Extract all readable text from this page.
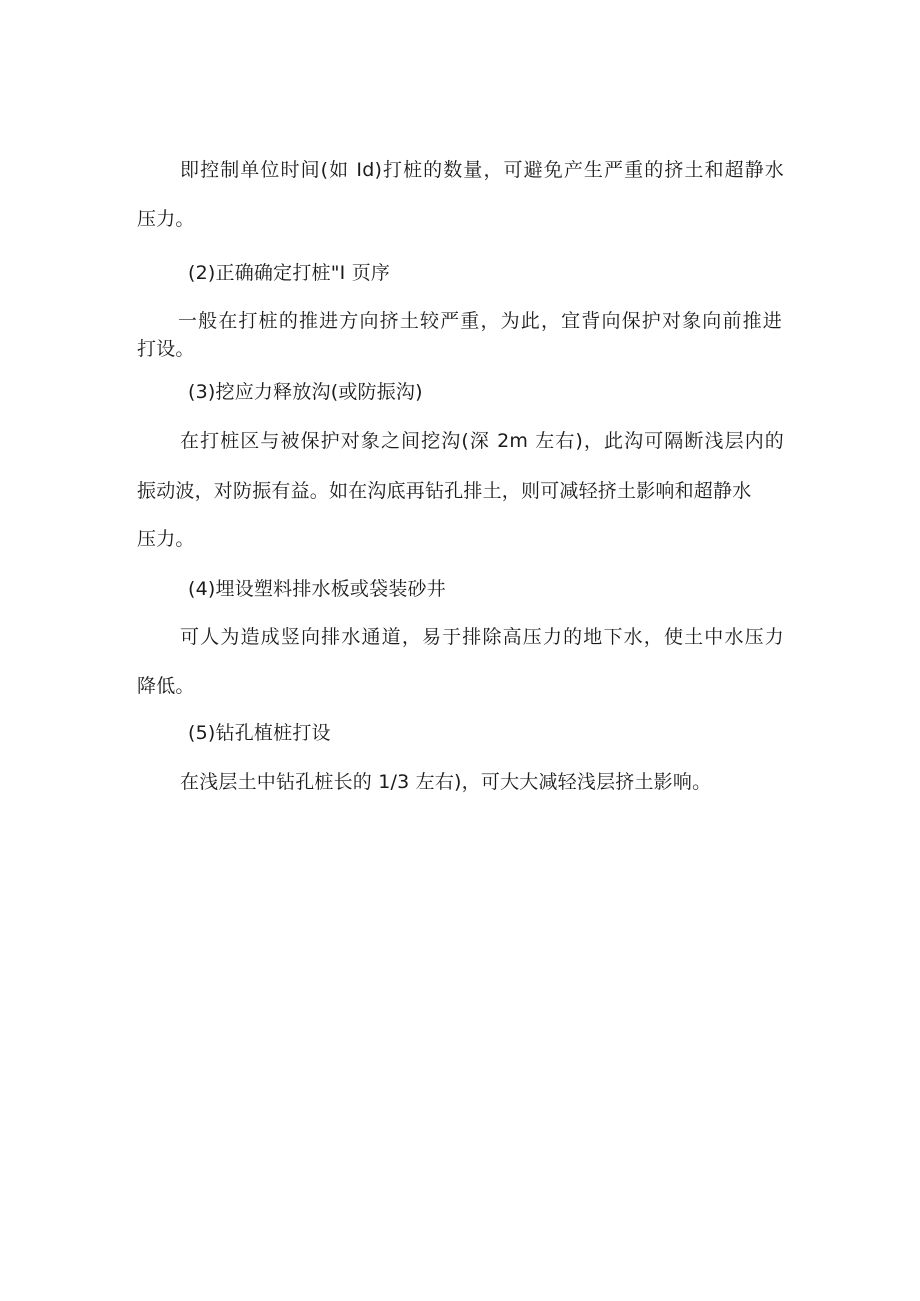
即控制单位时间(如 Id)打桩的数量，可避免产生严重的挤土和超静水
压力。
(2)正确确定打桩"I 页序
一般在打桩的推进方向挤土较严重，为此，宜背向保护对象向前推进
打设。
(3)挖应力释放沟(或防振沟)
在打桩区与被保护对象之间挖沟(深 2m 左右)，此沟可隔断浅层内的
振动波，对防振有益。如在沟底再钻孔排土，则可减轻挤土影响和超静水
压力。
(4)埋设塑料排水板或袋装砂井
可人为造成竖向排水通道，易于排除高压力的地下水，使土中水压力
降低。
(5)钻孔植桩打设
在浅层土中钻孔桩长的 1/3 左右)，可大大减轻浅层挤土影响。
